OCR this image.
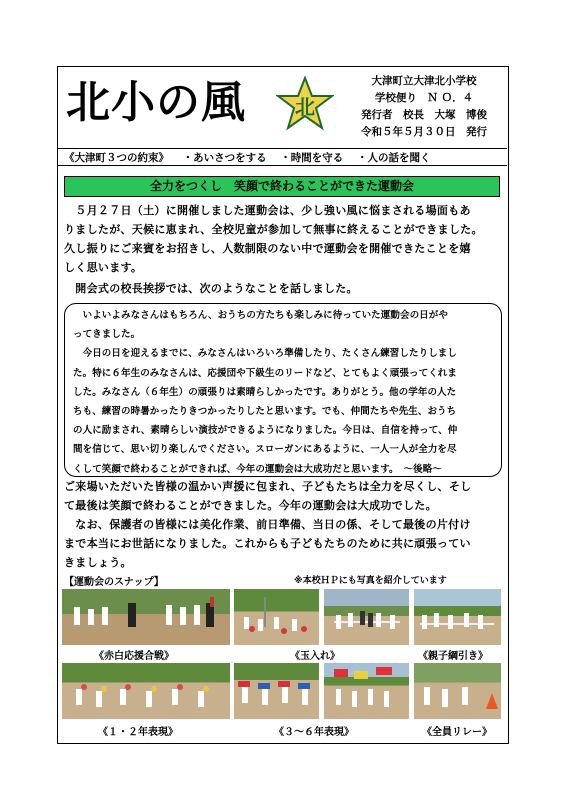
北小の風 北
大津町立大津北小学校
学校便り　Ｎ Ｏ．４
発行者　校長　大塚　博俊
令和５年５月３０日　発行
《大津町３つの約束》 ・あいさつをする ・時間を守る ・人の話を聞く
全力をつくし　笑顔で終わることができた運動会
　５月２７日（土）に開催しました運動会は、少し強い風に悩まされる場面もあ
りましたが、天候に恵まれ、全校児童が参加して無事に終えることができました。
久し振りにご来賓をお招きし、人数制限のない中で運動会を開催できたことを嬉
しく思います。
　開会式の校長挨拶では、次のようなことを話しました。
　いよいよみなさんはもちろん、おうちの方たちも楽しみに待っていた運動会の日がや
ってきました。
　今日の日を迎えるまでに、みなさんはいろいろ準備したり、たくさん練習したりしまし
た。特に６年生のみなさんは、応援団や下級生のリードなど、とてもよく頑張ってくれま
した。みなさん（６年生）の頑張りは素晴らしかったです。ありがとう。他の学年の人た
ちも、練習の時暑かったりきつかったりしたと思います。でも、仲間たちや先生、おうち
の人に励まされ、素晴らしい演技ができるようになりました。今日は、自信を持って、仲
間を信じて、思い切り楽しんでください。スローガンにあるように、一人一人が全力を尽
くして笑顔で終わることができれば、今年の運動会は大成功だと思います。　～後略～
ご来場いただいた皆様の温かい声援に包まれ、子どもたちは全力を尽くし、そし
て最後は笑顔で終わることができました。今年の運動会は大成功でした。
　なお、保護者の皆様には美化作業、前日準備、当日の係、そして最後の片付け
まで本当にお世話になりました。これからも子どもたちのために共に頑張ってい
きましょう。
【運動会のスナップ】	※本校ＨＰにも写真を紹介しています
《赤白応援合戦》	《玉入れ》	《親子綱引き》
《１・２年表現》	《３～６年表現》	《全員リレー》
